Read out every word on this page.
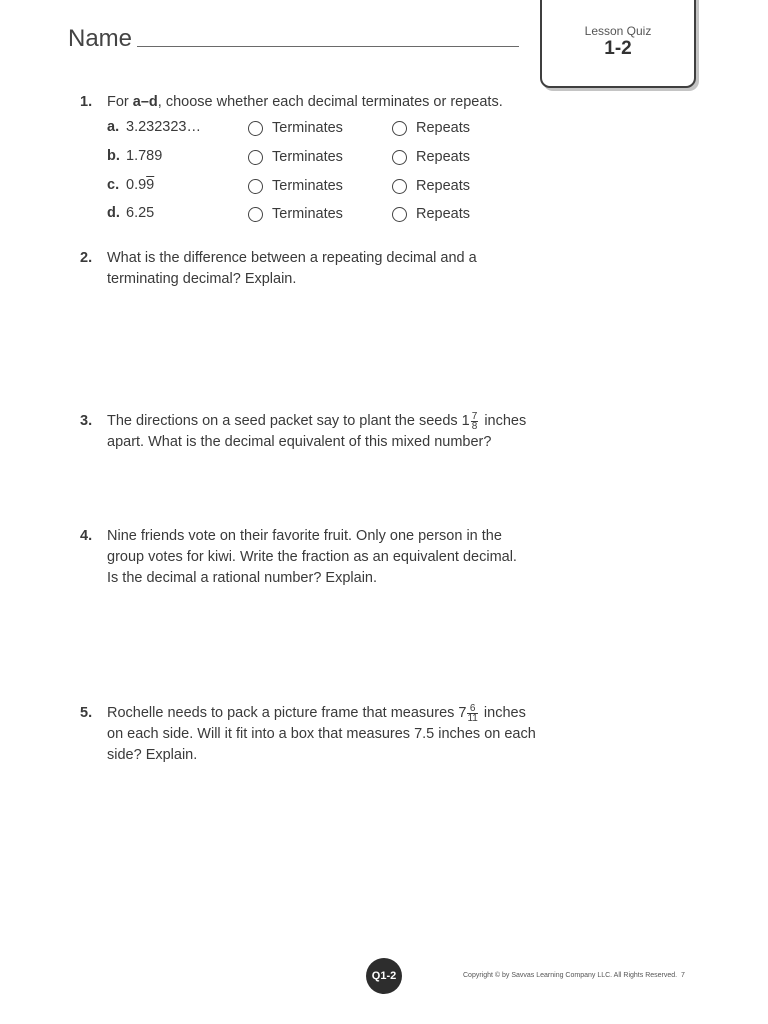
Name	Lesson Quiz
1-2
1. For a–d, choose whether each decimal terminates or repeats.
a. 3.232323…	Terminates	Repeats
b. 1.789	Terminates	Repeats
c. 0.99	Terminates	Repeats
d. 6.25	Terminates	Repeats
2. What is the difference between a repeating decimal and a
terminating decimal? Explain.
3. The directions on a seed packet say to plant the seeds $1 \frac{7}{8}$ inches
apart. What is the decimal equivalent of this mixed number?
4. Nine friends vote on their favorite fruit. Only one person in the
group votes for kiwi. Write the fraction as an equivalent decimal.
Is the decimal a rational number? Explain.
5. Rochelle needs to pack a picture frame that measures $7 \frac{6}{11}$ inches
on each side. Will it fit into a box that measures 7.5 inches on each
side? Explain.
Q1-2	Copyright © by Savvas Learning Company LLC. All Rights Reserved. 7
